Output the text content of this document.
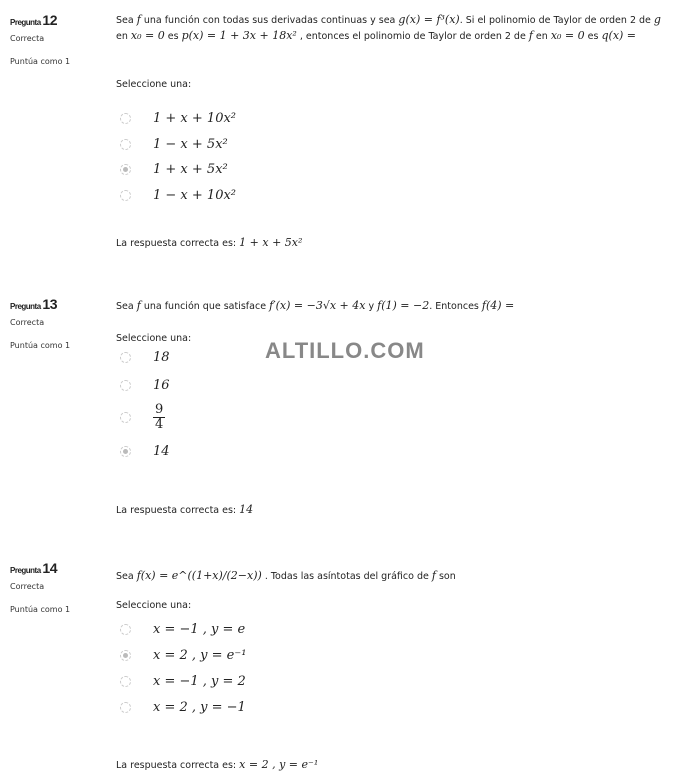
ALTILLO.COM
Pregunta 12
Correcta
Puntúa como 1
Sea f una función con todas sus derivadas continuas y sea g(x) = f³(x). Si el polinomio de Taylor de orden 2 de g en x₀ = 0 es p(x) = 1 + 3x + 18x² , entonces el polinomio de Taylor de orden 2 de f en x₀ = 0 es q(x) =
Seleccione una:
1 + x + 10x²
1 − x + 5x²
1 + x + 5x²
1 − x + 10x²
La respuesta correcta es: 1 + x + 5x²
Pregunta 13
Correcta
Puntúa como 1
Sea f una función que satisface f′(x) = −3√x + 4x y f(1) = −2. Entonces f(4) =
Seleccione una:
18
16
$\frac{9}{4}$
14
La respuesta correcta es: 14
Pregunta 14
Correcta
Puntúa como 1
Sea f(x) = e^((1+x)/(2−x)) . Todas las asíntotas del gráfico de f son
Seleccione una:
x = −1 , y = e
x = 2 , y = e⁻¹
x = −1 , y = 2
x = 2 , y = −1
La respuesta correcta es: x = 2 , y = e⁻¹
